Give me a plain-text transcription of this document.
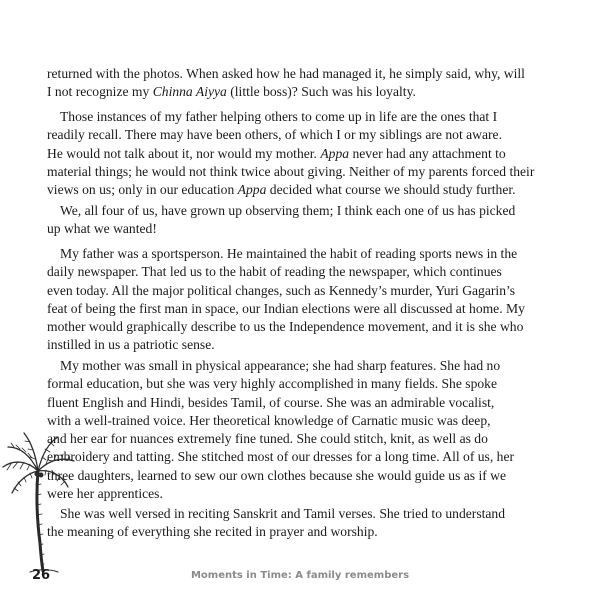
returned with the photos. When asked how he had managed it, he simply said, why, will
I not recognize my Chinna Aiyya (little boss)? Such was his loyalty.

Those instances of my father helping others to come up in life are the ones that I
readily recall. There may have been others, of which I or my siblings are not aware.
He would not talk about it, nor would my mother. Appa never had any attachment to
material things; he would not think twice about giving. Neither of my parents forced their
views on us; only in our education Appa decided what course we should study further.

We, all four of us, have grown up observing them; I think each one of us has picked
up what we wanted!

My father was a sportsperson. He maintained the habit of reading sports news in the
daily newspaper. That led us to the habit of reading the newspaper, which continues
even today. All the major political changes, such as Kennedy’s murder, Yuri Gagarin’s
feat of being the first man in space, our Indian elections were all discussed at home. My
mother would graphically describe to us the Independence movement, and it is she who
instilled in us a patriotic sense.

My mother was small in physical appearance; she had sharp features. She had no
formal education, but she was very highly accomplished in many fields. She spoke
fluent English and Hindi, besides Tamil, of course. She was an admirable vocalist,
with a well-trained voice. Her theoretical knowledge of Carnatic music was deep,
and her ear for nuances extremely fine tuned. She could stitch, knit, as well as do
embroidery and tatting. She stitched most of our dresses for a long time. All of us, her
three daughters, learned to sew our own clothes because she would guide us as if we
were her apprentices.

She was well versed in reciting Sanskrit and Tamil verses. She tried to understand
the meaning of everything she recited in prayer and worship.

26	Moments in Time: A family remembers
